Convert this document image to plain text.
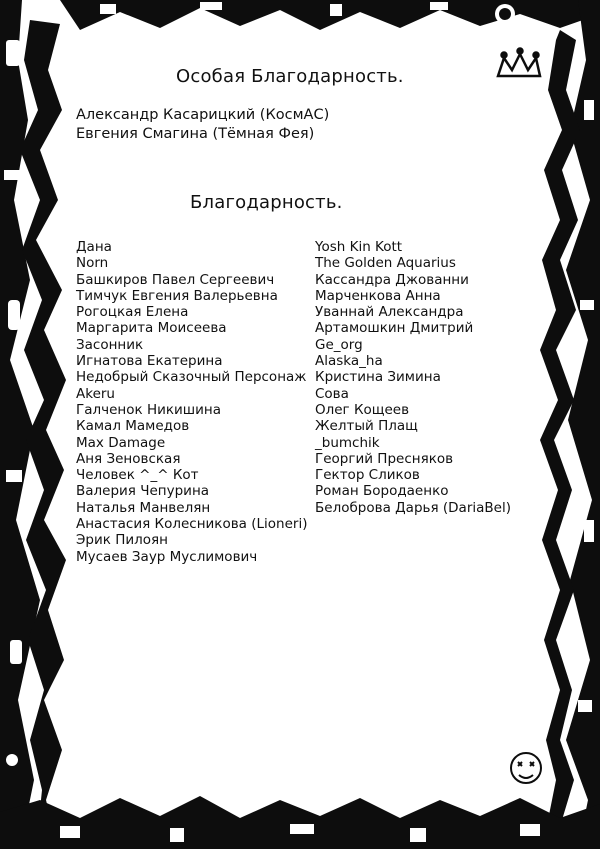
Особая Благодарность.
Александр Касарицкий (КосмАС)
Евгения Смагина (Тёмная Фея)
Благодарность.
Дана
Norn
Башкиров Павел Сергеевич
Тимчук Евгения Валерьевна
Рогоцкая Елена
Маргарита Моисеева
Засонник
Игнатова Екатерина
Недобрый Сказочный Персонаж
Akeru
Галченок Никишина
Камал Мамедов
Max Damage
Аня Зеновская
Человек ^_^ Кот
Валерия Чепурина
Наталья Манвелян
Анастасия Колесникова (Lioneri)
Эрик Пилоян
Мусаев Заур Муслимович
Yosh Kin Kott
The Golden Aquarius
Кассандра Джованни
Марченкова Анна
Уваннай Александра
Артамошкин Дмитрий
Ge_org
Alaska_ha
Кристина Зимина
Сова
Олег Кощеев
Желтый Плащ
_bumchik
Георгий Пресняков
Гектор Сликов
Роман Бородаенко
Белоброва Дарья (DariaBel)
